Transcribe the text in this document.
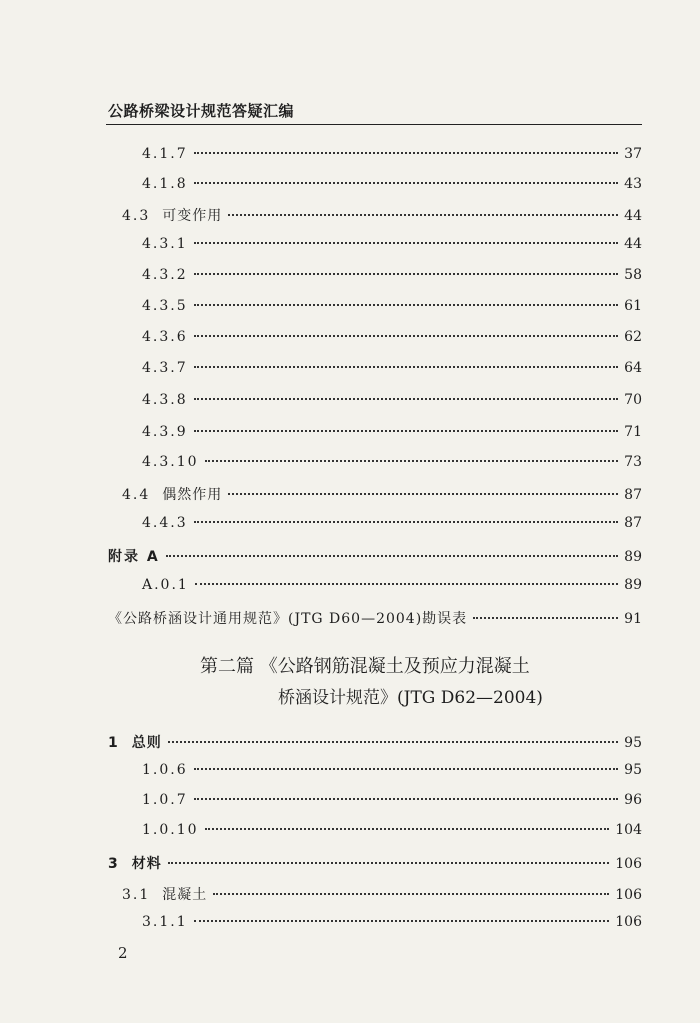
公路桥梁设计规范答疑汇编
4.1.7	37
4.1.8	43
4.3 可变作用	44
4.3.1	44
4.3.2	58
4.3.5	61
4.3.6	62
4.3.7	64
4.3.8	70
4.3.9	71
4.3.10	73
4.4 偶然作用	87
4.4.3	87
附录 A	89
A.0.1	89
《公路桥涵设计通用规范》(JTG D60—2004)勘误表	91
1 总则	95
1.0.6	95
1.0.7	96
1.0.10	104
3 材料	106
3.1 混凝土	106
3.1.1	106
第二篇 《公路钢筋混凝土及预应力混凝土
桥涵设计规范》(JTG D62—2004)
2
